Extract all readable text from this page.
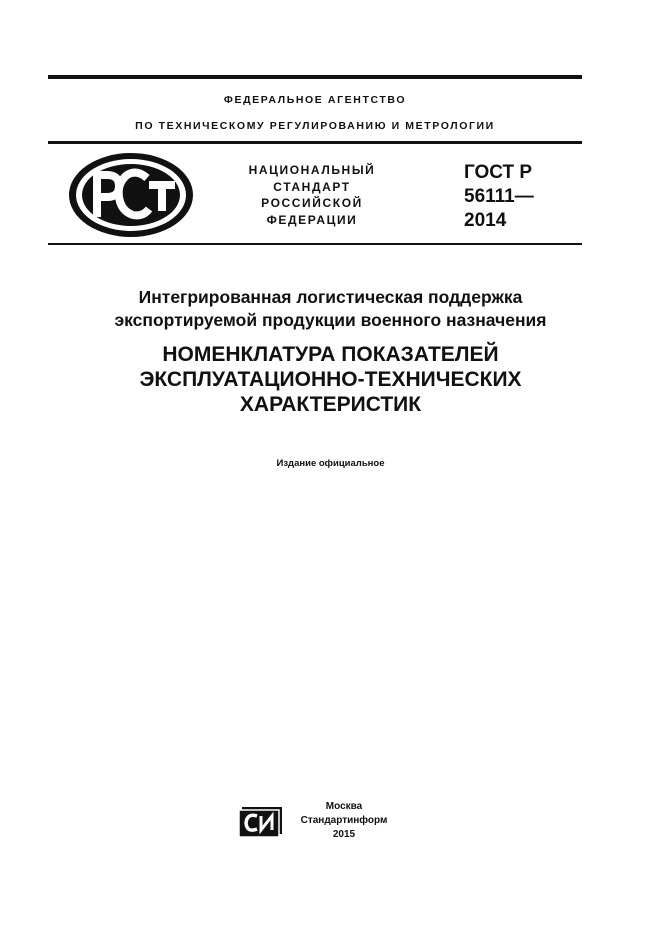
ФЕДЕРАЛЬНОЕ АГЕНТСТВО
ПО ТЕХНИЧЕСКОМУ РЕГУЛИРОВАНИЮ И МЕТРОЛОГИИ
НАЦИОНАЛЬНЫЙ
СТАНДАРТ
РОССИЙСКОЙ
ФЕДЕРАЦИИ
ГОСТ Р
56111—
2014
Интегрированная логистическая поддержка
экспортируемой продукции военного назначения
НОМЕНКЛАТУРА ПОКАЗАТЕЛЕЙ
ЭКСПЛУАТАЦИОННО-ТЕХНИЧЕСКИХ
ХАРАКТЕРИСТИК
Издание официальное
Москва
Стандартинформ
2015
